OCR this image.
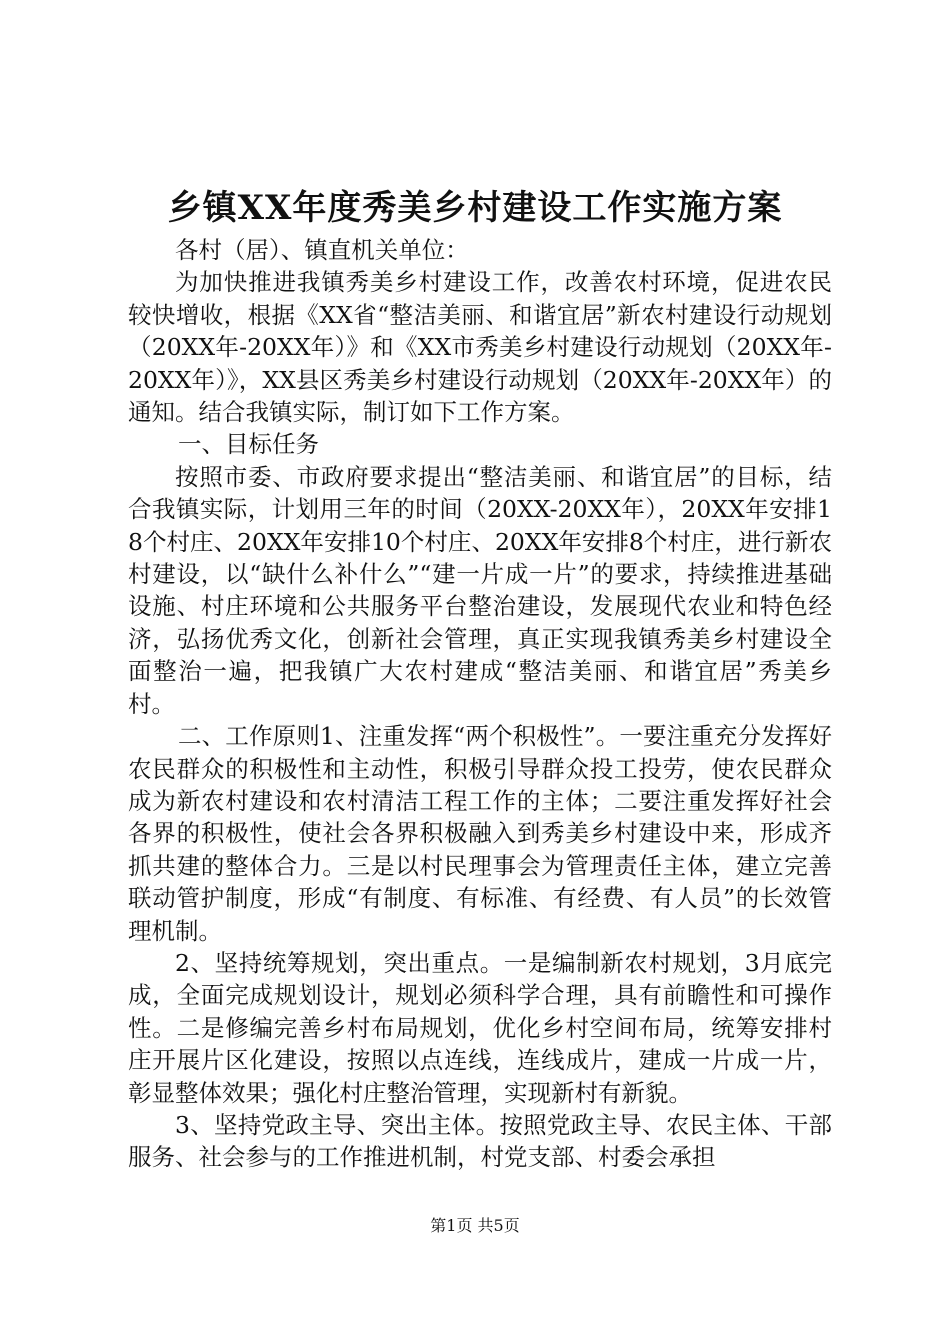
乡镇XX年度秀美乡村建设工作实施方案

各村（居）、镇直机关单位：

为加快推进我镇秀美乡村建设工作，改善农村环境，促进农民较快增收，根据《XX省“整洁美丽、和谐宜居”新农村建设行动规划（20XX年-20XX年）》和《XX市秀美乡村建设行动规划（20XX年-20XX年）》，XX县区秀美乡村建设行动规划（20XX年-20XX年）的通知。结合我镇实际，制订如下工作方案。

一、目标任务

按照市委、市政府要求提出“整洁美丽、和谐宜居”的目标，结合我镇实际，计划用三年的时间（20XX-20XX年），20XX年安排18个村庄、20XX年安排10个村庄、20XX年安排8个村庄，进行新农村建设，以“缺什么补什么”“建一片成一片”的要求，持续推进基础设施、村庄环境和公共服务平台整治建设，发展现代农业和特色经济，弘扬优秀文化，创新社会管理，真正实现我镇秀美乡村建设全面整治一遍，把我镇广大农村建成“整洁美丽、和谐宜居”秀美乡村。

二、工作原则1、注重发挥“两个积极性”。一要注重充分发挥好农民群众的积极性和主动性，积极引导群众投工投劳，使农民群众成为新农村建设和农村清洁工程工作的主体；二要注重发挥好社会各界的积极性，使社会各界积极融入到秀美乡村建设中来，形成齐抓共建的整体合力。三是以村民理事会为管理责任主体，建立完善联动管护制度，形成“有制度、有标准、有经费、有人员”的长效管理机制。

2、坚持统筹规划，突出重点。一是编制新农村规划，3月底完成，全面完成规划设计，规划必须科学合理，具有前瞻性和可操作性。二是修编完善乡村布局规划，优化乡村空间布局，统筹安排村庄开展片区化建设，按照以点连线，连线成片，建成一片成一片，彰显整体效果；强化村庄整治管理，实现新村有新貌。

3、坚持党政主导、突出主体。按照党政主导、农民主体、干部服务、社会参与的工作推进机制，村党支部、村委会承担

第1页 共5页
